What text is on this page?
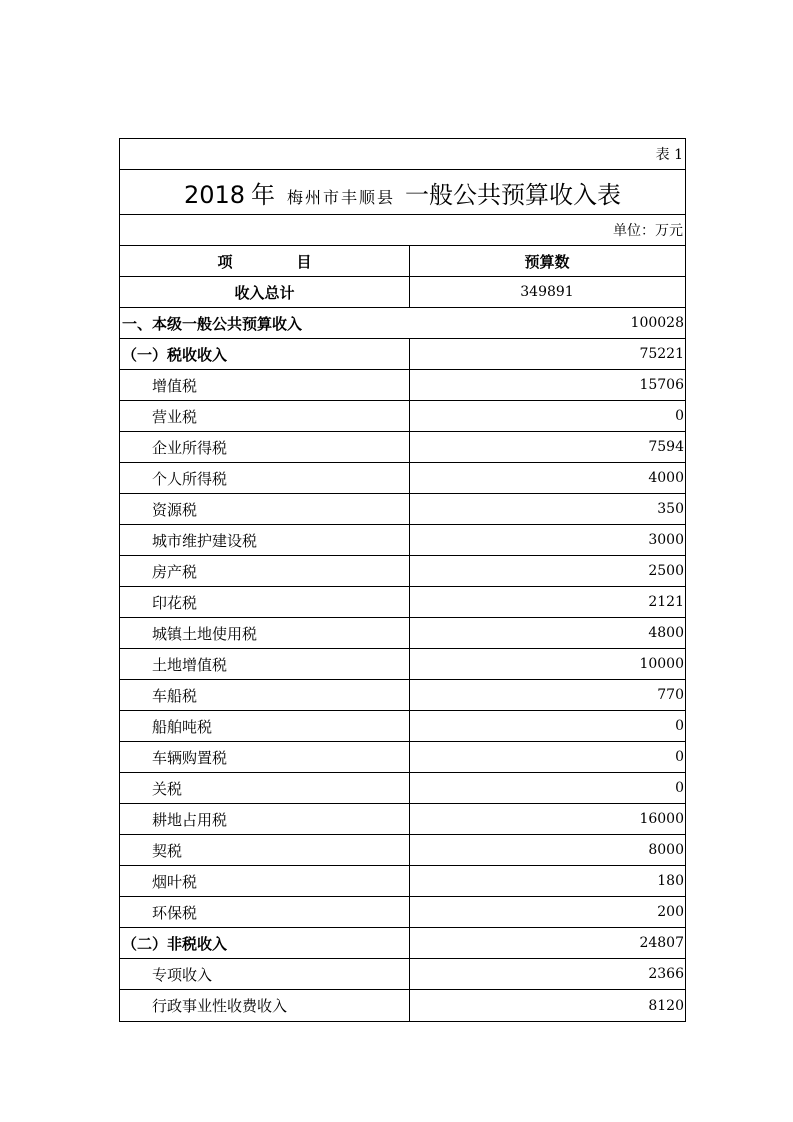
表 1
2018 年 梅州市丰顺县 一般公共预算收入表
单位：万元
项	目	预算数
收入总计	349891
一、本级一般公共预算收入	100028
（一）税收收入	75221
增值税	15706
营业税	0
企业所得税	7594
个人所得税	4000
资源税	350
城市维护建设税	3000
房产税	2500
印花税	2121
城镇土地使用税	4800
土地增值税	10000
车船税	770
船舶吨税	0
车辆购置税	0
关税	0
耕地占用税	16000
契税	8000
烟叶税	180
环保税	200
（二）非税收入	24807
专项收入	2366
行政事业性收费收入	8120
